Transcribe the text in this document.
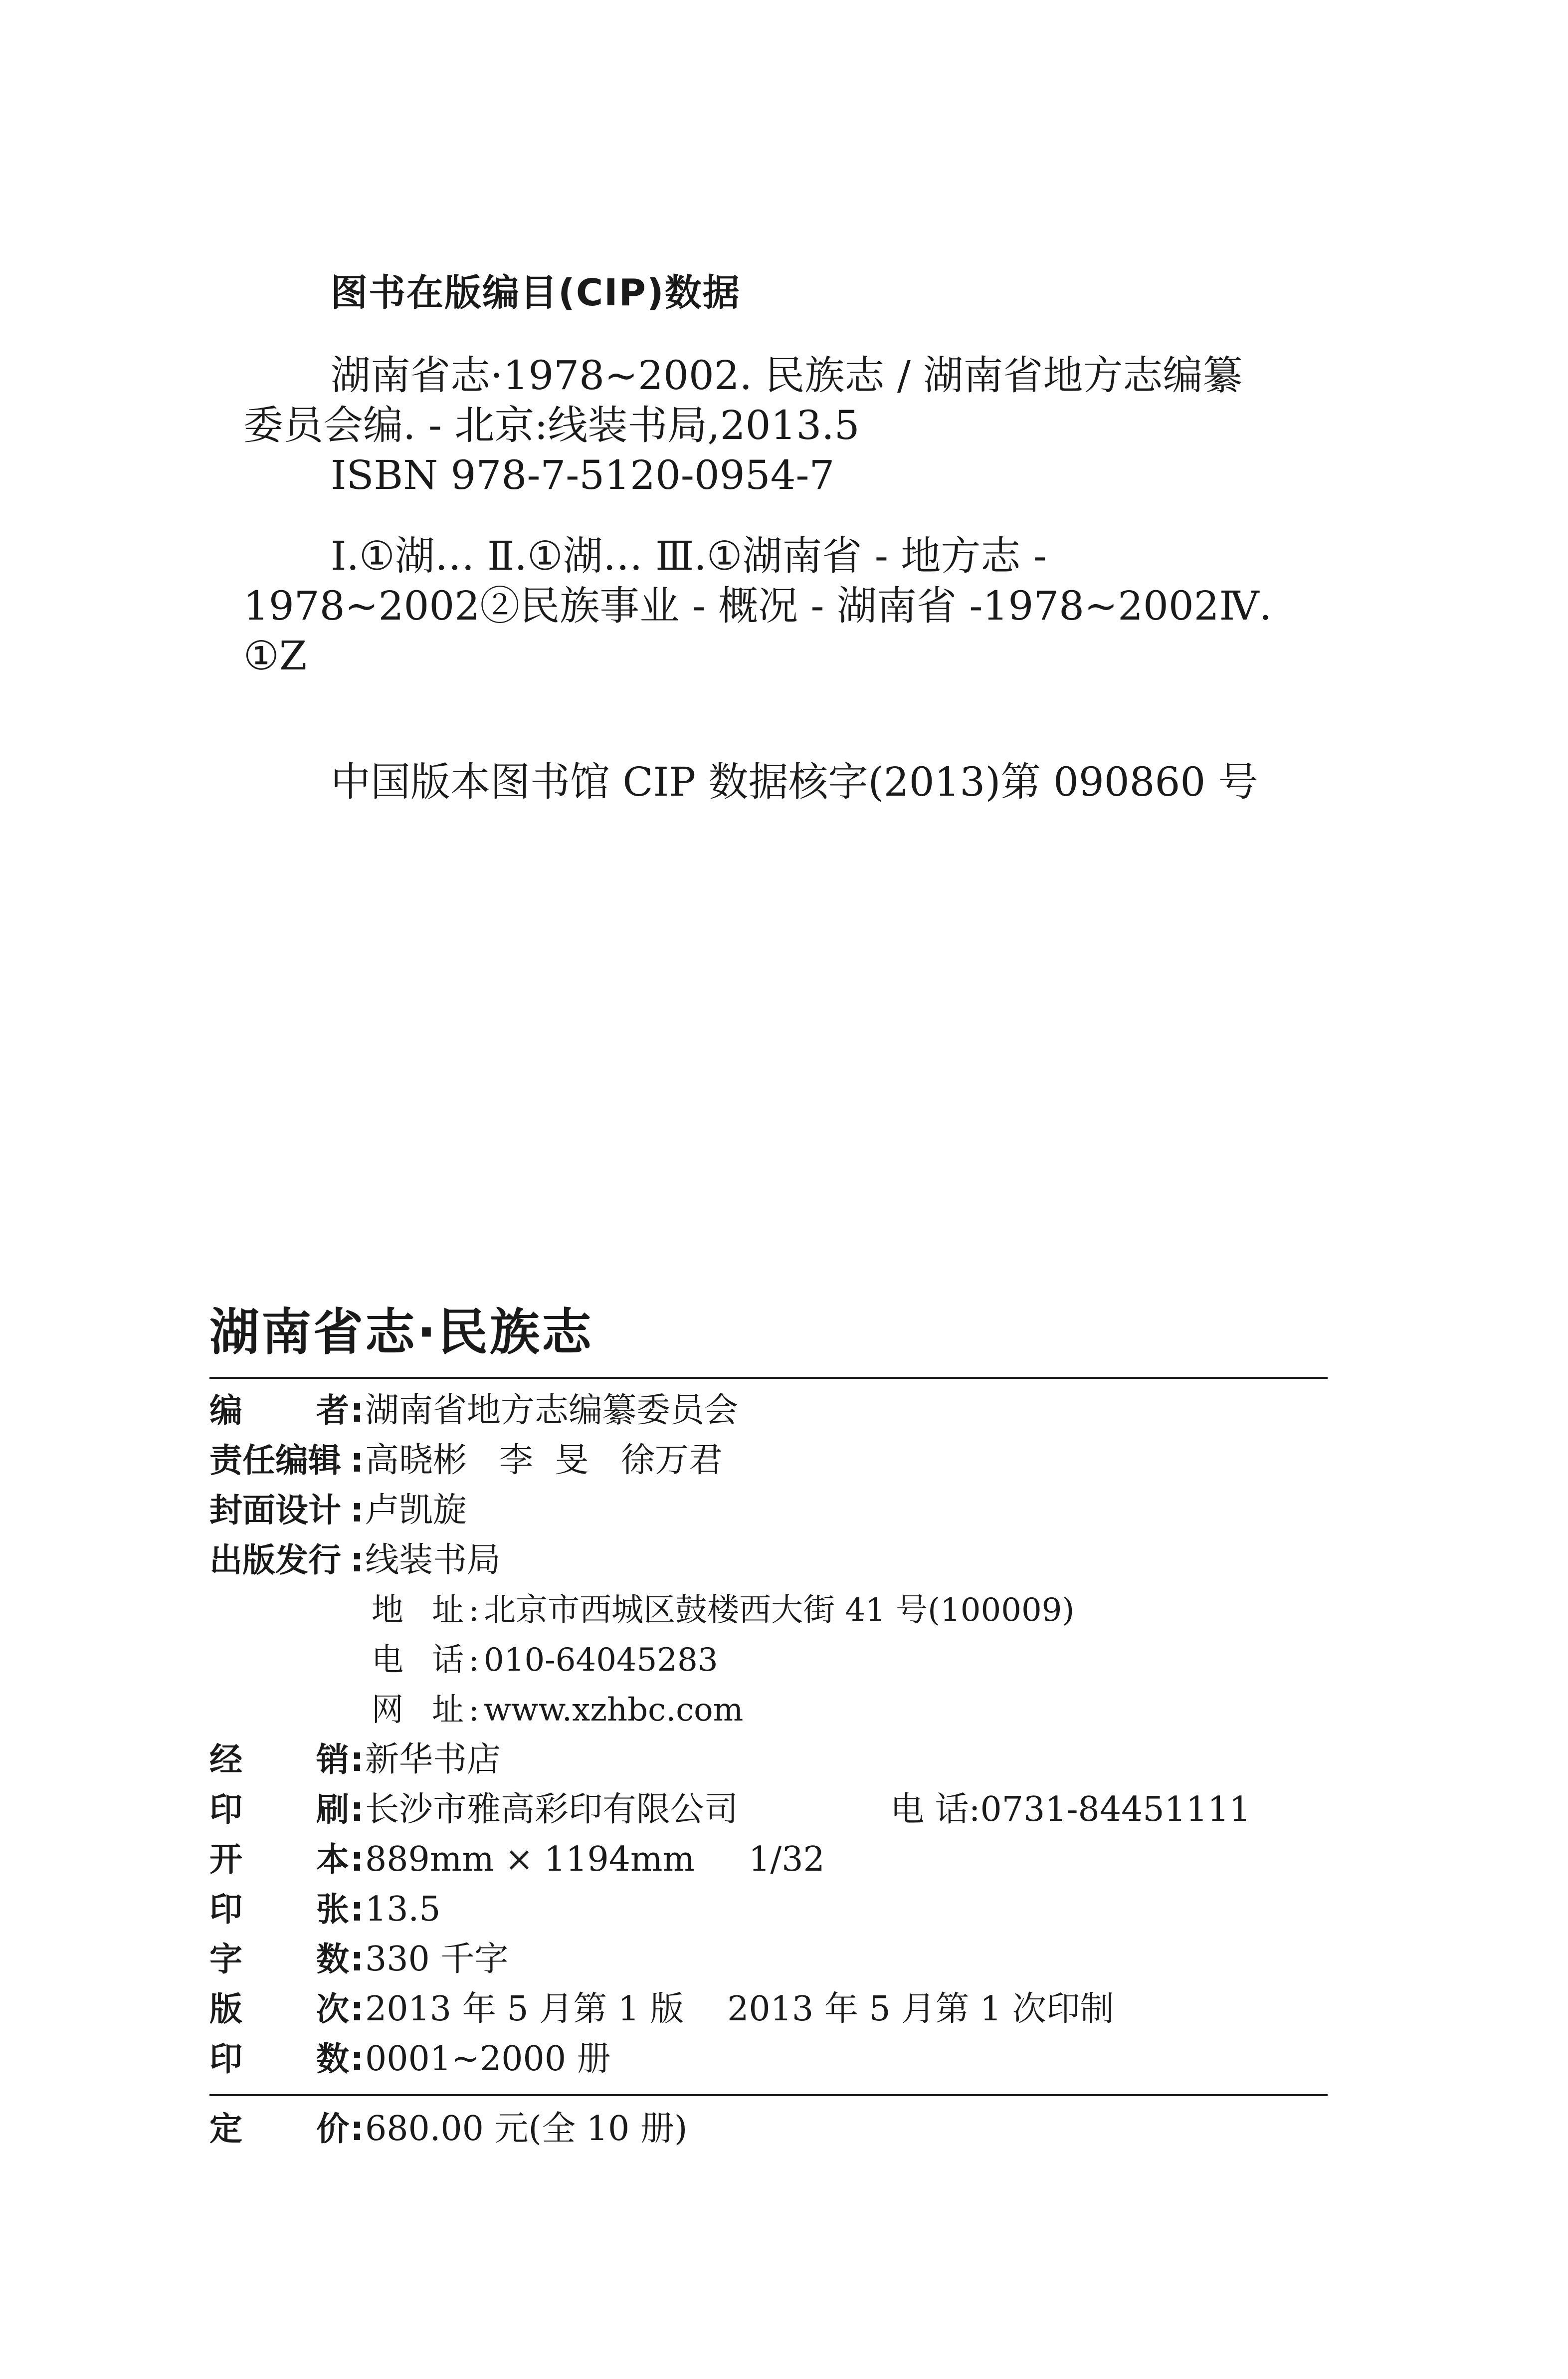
图书在版编目(CIP)数据
湖南省志·1978~2002. 民族志 / 湖南省地方志编纂
委员会编. - 北京:线装书局,2013.5
ISBN 978-7-5120-0954-7
Ⅰ.①湖… Ⅱ.①湖… Ⅲ.①湖南省 - 地方志 -
1978~2002②民族事业 - 概况 - 湖南省 -1978~2002Ⅳ.
①Z
中国版本图书馆 CIP 数据核字(2013)第 090860 号
湖南省志·民族志
编 者 : 湖南省地方志编纂委员会
责任编辑 : 高晓彬   李  旻   徐万君
封面设计 : 卢凯旋
出版发行 : 线装书局
地 址 : 北京市西城区鼓楼西大街 41 号(100009)
电 话 : 010-64045283
网 址 : www.xzhbc.com
经 销 : 新华书店
印 刷 : 长沙市雅高彩印有限公司	电 话:0731-84451111
开 本 : 889mm × 1194mm     1/32
印 张 : 13.5
字 数 : 330 千字
版 次 : 2013 年 5 月第 1 版    2013 年 5 月第 1 次印制
印 数 : 0001~2000 册
定 价 : 680.00 元(全 10 册)
